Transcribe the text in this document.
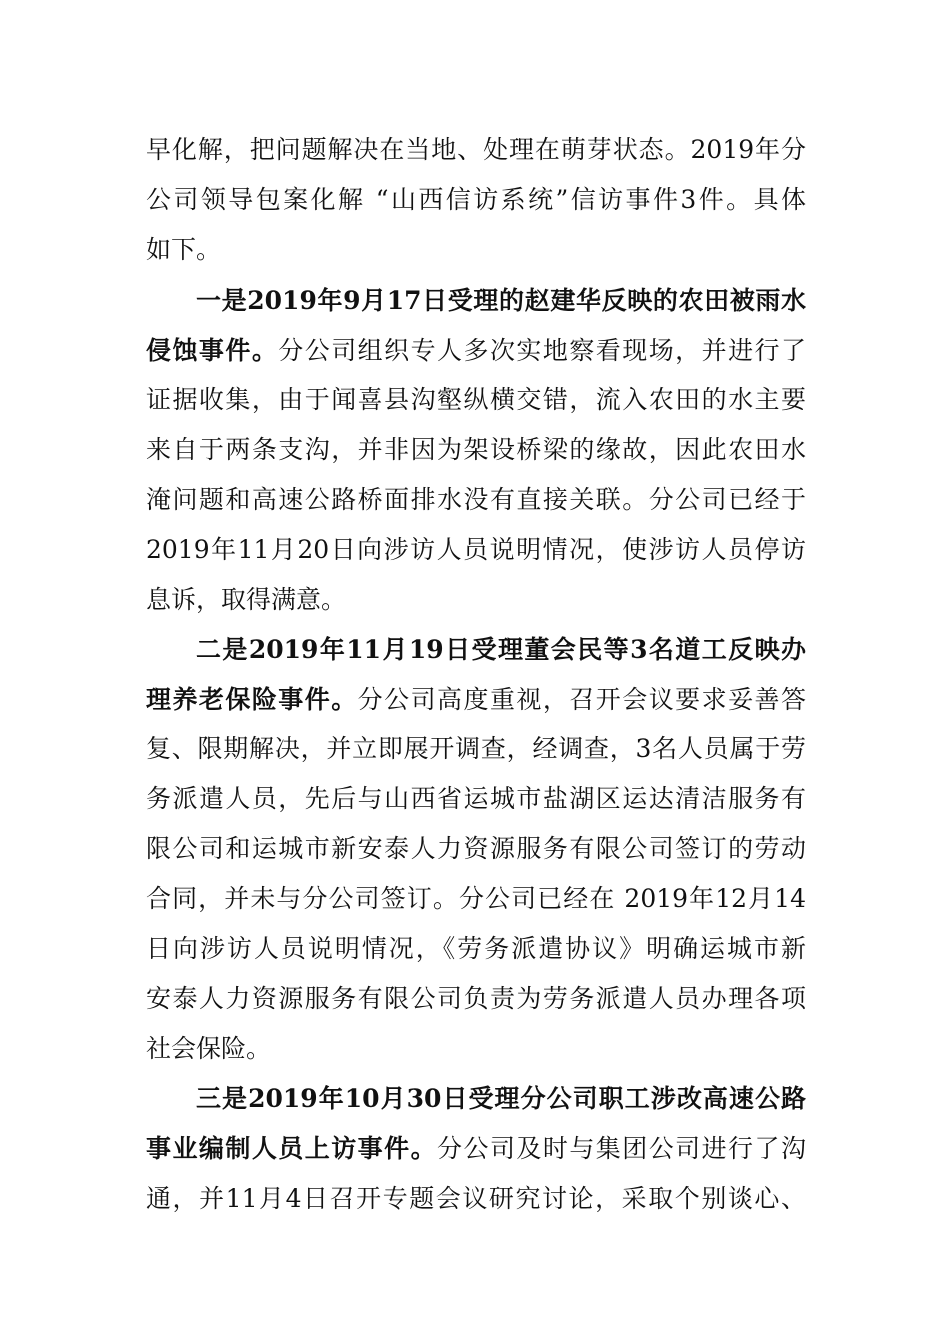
早化解，把问题解决在当地、处理在萌芽状态。2019年分
公司领导包案化解 “山西信访系统”信访事件3件。具体
如下。
一是2019年9月17日受理的赵建华反映的农田被雨水
侵蚀事件。分公司组织专人多次实地察看现场，并进行了
证据收集，由于闻喜县沟壑纵横交错，流入农田的水主要
来自于两条支沟，并非因为架设桥梁的缘故，因此农田水
淹问题和高速公路桥面排水没有直接关联。分公司已经于
2019年11月20日向涉访人员说明情况，使涉访人员停访
息诉，取得满意。
二是2019年11月19日受理董会民等3名道工反映办
理养老保险事件。分公司高度重视，召开会议要求妥善答
复、限期解决，并立即展开调查，经调查，3名人员属于劳
务派遣人员，先后与山西省运城市盐湖区运达清洁服务有
限公司和运城市新安泰人力资源服务有限公司签订的劳动
合同，并未与分公司签订。分公司已经在 2019年12月14
日向涉访人员说明情况，《劳务派遣协议》明确运城市新
安泰人力资源服务有限公司负责为劳务派遣人员办理各项
社会保险。
三是2019年10月30日受理分公司职工涉改高速公路
事业编制人员上访事件。分公司及时与集团公司进行了沟
通，并11月4日召开专题会议研究讨论，采取个别谈心、
